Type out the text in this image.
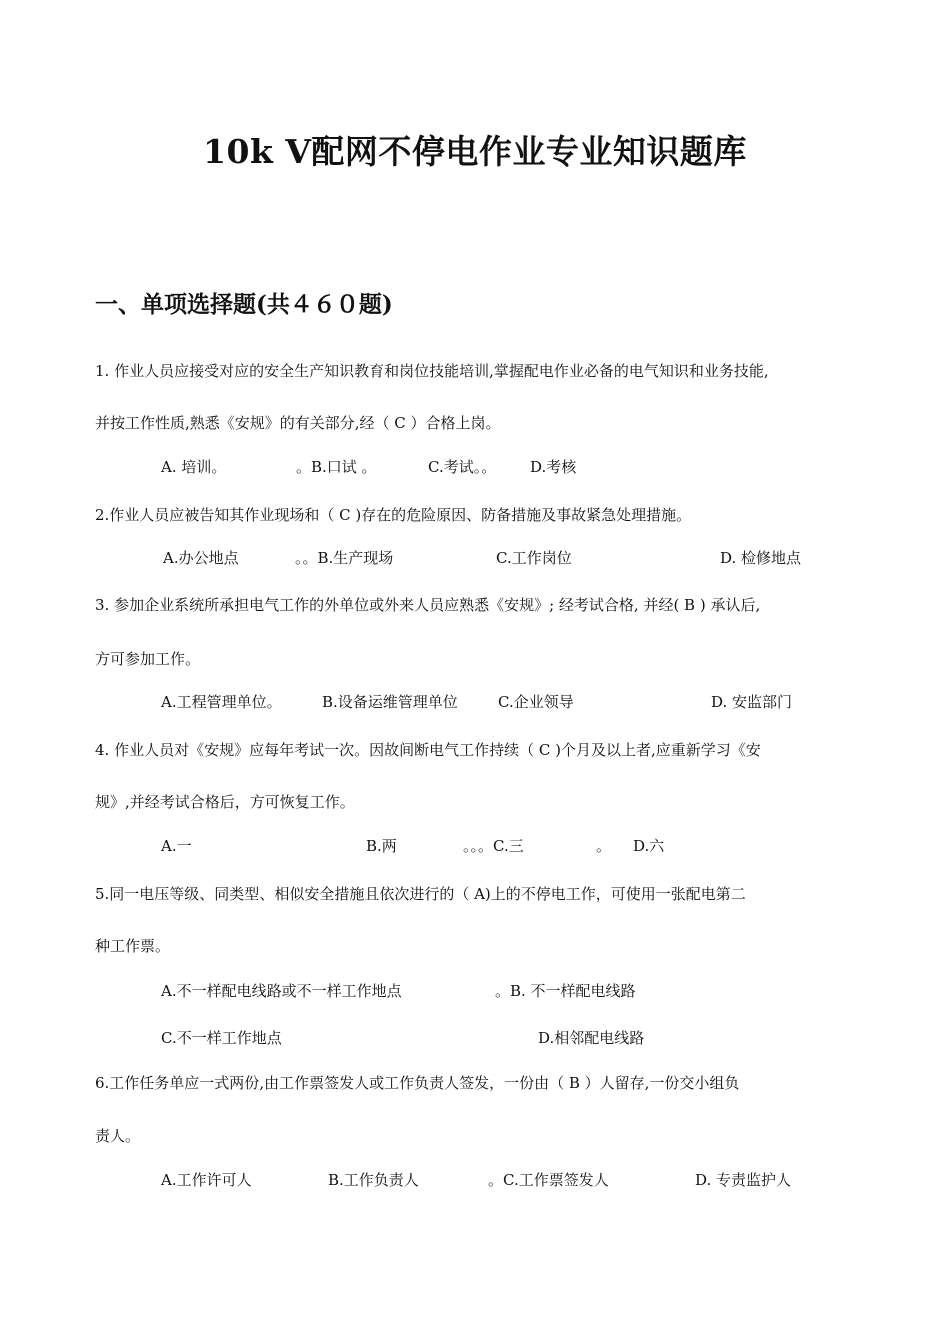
10k V配网不停电作业专业知识题库
一、单项选择题(共４６０题)
1. 作业人员应接受对应的安全生产知识教育和岗位技能培训,掌握配电作业必备的电气知识和业务技能,
并按工作性质,熟悉《安规》的有关部分,经（ C ）合格上岗。
A. 培训。	。B.口试 。	C.考试。。 D.考核
2.作业人员应被告知其作业现场和（ C )存在的危险原因、防备措施及事故紧急处理措施。
A.办公地点	。。B.生产现场	C.工作岗位	D. 检修地点
3. 参加企业系统所承担电气工作的外单位或外来人员应熟悉《安规》; 经考试合格, 并经( B ) 承认后,
方可参加工作。
A.工程管理单位。	B.设备运维管理单位	C.企业领导	D. 安监部门
4. 作业人员对《安规》应每年考试一次。因故间断电气工作持续（ C )个月及以上者,应重新学习《安
规》,并经考试合格后，方可恢复工作。
A.一	B.两	。。。C.三	。 D.六
5.同一电压等级、同类型、相似安全措施且依次进行的（ A)上的不停电工作，可使用一张配电第二
种工作票。
A.不一样配电线路或不一样工作地点	。B. 不一样配电线路
C.不一样工作地点	D.相邻配电线路
6.工作任务单应一式两份,由工作票签发人或工作负责人签发，一份由（ B ）人留存,一份交小组负
责人。
A.工作许可人	B.工作负责人	。C.工作票签发人	D. 专责监护人
